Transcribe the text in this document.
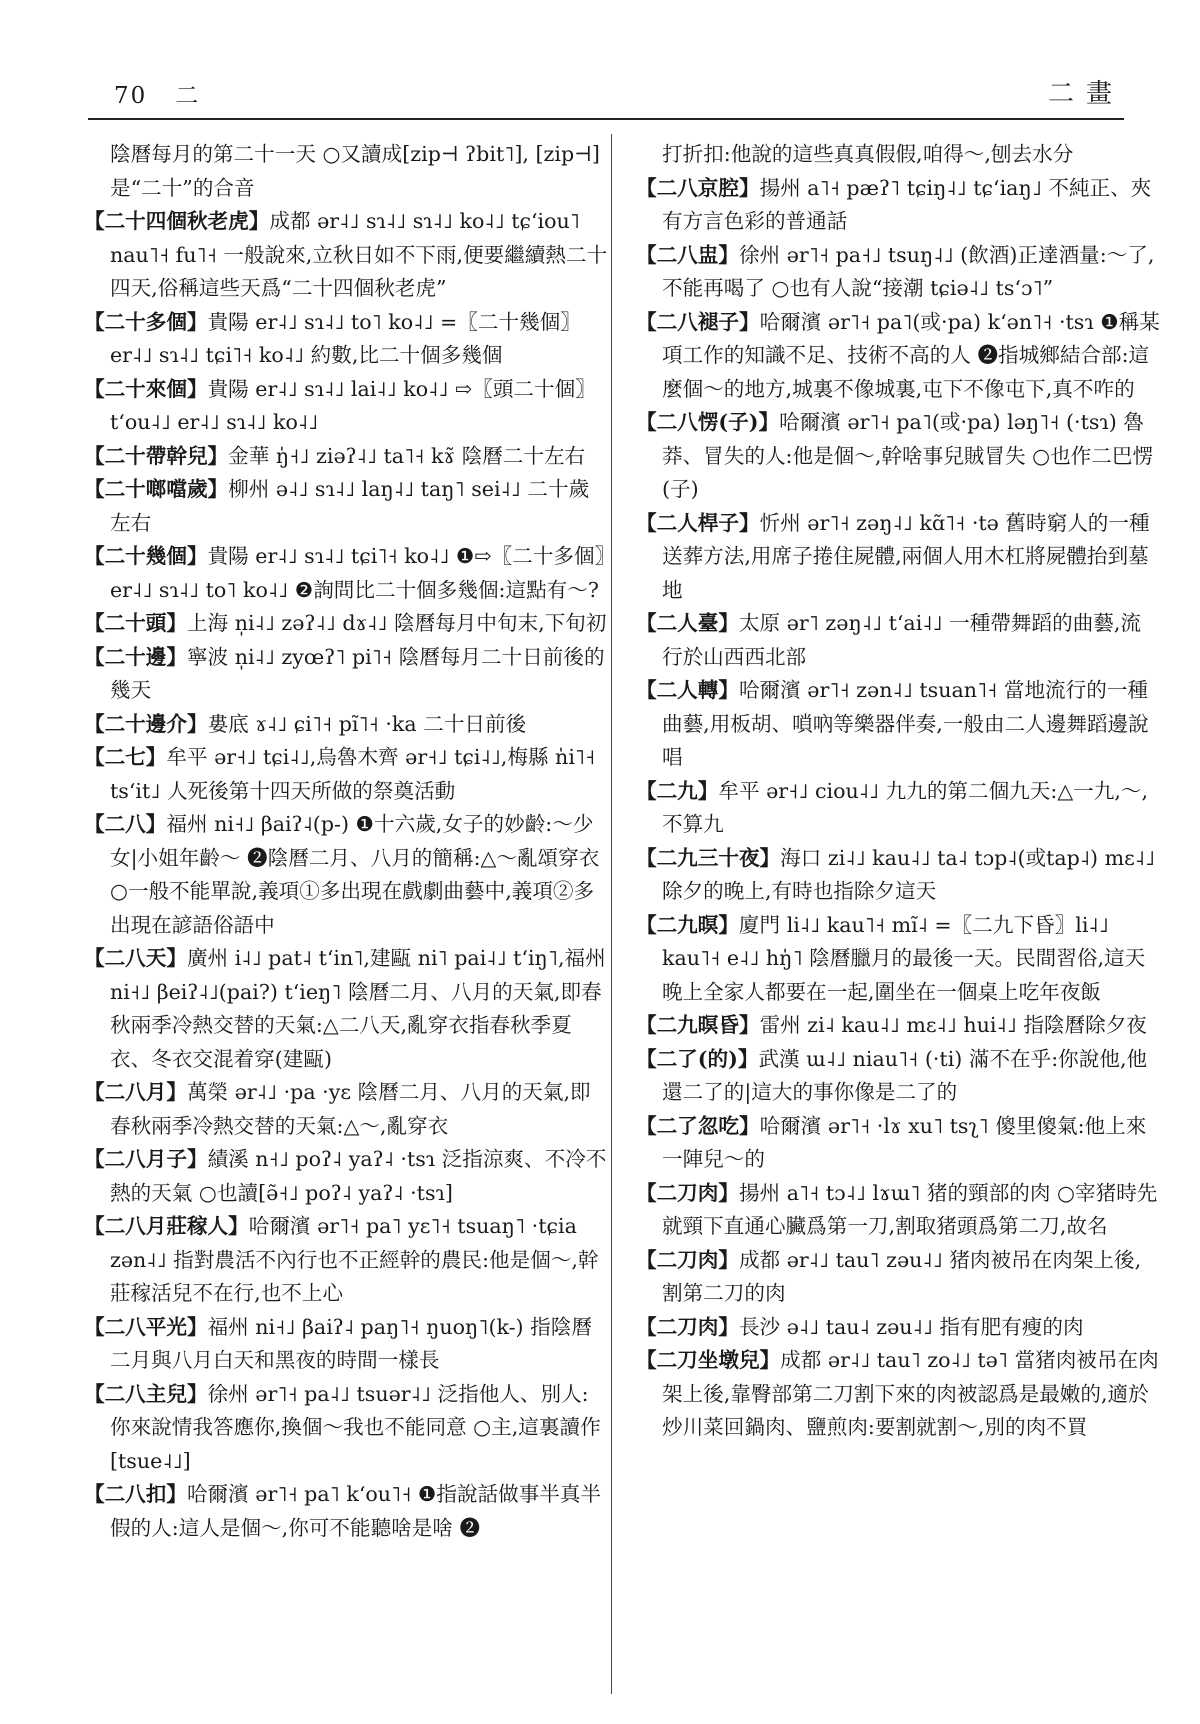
70 二	二畫

陰曆每月的第二十一天 ○又讀成[zip⊣ ʔbit˥], [zip⊣]是“二十”的合音

【二十四個秋老虎】成都 ər˨˩ sɿ˨˩ sɿ˨˩ ko˨˩ tɕʻiou˥ nau˥˧ fu˥˧ 一般說來,立秋日如不下雨,便要繼續熱二十四天,俗稱這些天爲“二十四個秋老虎”

【二十多個】貴陽 er˨˩ sɿ˨˩ to˥ ko˨˩ =〖二十幾個〗er˨˩ sɿ˨˩ tɕi˥˧ ko˨˩ 約數,比二十個多幾個

【二十來個】貴陽 er˨˩ sɿ˨˩ lai˨˩ ko˨˩ ⇨〖頭二十個〗tʻou˨˩ er˨˩ sɿ˨˩ ko˨˩

【二十帶幹兒】金華 ŋ̍˧˩ ziəʔ˨˩ ta˥˧ kɤ̃ 陰曆二十左右

【二十啷噹歲】柳州 ə˨˩ sɿ˨˩ laŋ˨˩ taŋ˥ sei˨˩ 二十歲左右

【二十幾個】貴陽 er˨˩ sɿ˨˩ tɕi˥˧ ko˨˩ ❶⇨〖二十多個〗er˨˩ sɿ˨˩ to˥ ko˨˩ ❷詢問比二十個多幾個:這點有～?

【二十頭】上海 n̩i˨˩ zəʔ˨˩ dɤ˨˩ 陰曆每月中旬末,下旬初

【二十邊】寧波 n̩i˨˩ zyœʔ˥ pi˥˧ 陰曆每月二十日前後的幾天

【二十邊介】婁底 ɤ˨˩ ɕi˥˧ pĩ˥˧ ·ka 二十日前後

【二七】牟平 ər˧˩ tɕi˨˩,烏魯木齊 ər˧˩ tɕi˨˩,梅縣 n̍i˥˧ tsʻit˩ 人死後第十四天所做的祭奠活動

【二八】福州 ni˧˩ βaiʔ˨(p-) ❶十六歲,女子的妙齡:～少女|小姐年齡～ ❷陰曆二月、八月的簡稱:△～亂頌穿衣 ○一般不能單說,義項①多出現在戲劇曲藝中,義項②多出現在諺語俗語中

【二八天】廣州 i˨˩ pat˨ tʻin˥,建甌 ni˥ pai˨˩ tʻiŋ˥,福州 ni˧˩ βeiʔ˨˩(pai?) tʻieŋ˥ 陰曆二月、八月的天氣,即春秋兩季冷熱交替的天氣:△二八天,亂穿衣指春秋季夏衣、冬衣交混着穿(建甌)

【二八月】萬榮 ər˨˩ ·pa ·yɛ 陰曆二月、八月的天氣,即春秋兩季冷熱交替的天氣:△～,亂穿衣

【二八月子】績溪 n˧˩ poʔ˨ yaʔ˨ ·tsɿ 泛指涼爽、不冷不熱的天氣 ○也讀[ə̃˧˩ poʔ˨ yaʔ˨ ·tsɿ]

【二八月莊稼人】哈爾濱 ər˥˧ pa˥ yɛ˥˧ tsuaŋ˥ ·tɕia zən˨˩ 指對農活不內行也不正經幹的農民:他是個～,幹莊稼活兒不在行,也不上心

【二八平光】福州 ni˧˩ βaiʔ˨ paŋ˥˧ ŋuoŋ˥(k-) 指陰曆二月與八月白天和黑夜的時間一樣長

【二八主兒】徐州 ər˥˧ pa˨˩ tsuər˨˩ 泛指他人、別人:你來說情我答應你,換個～我也不能同意 ○主,這裏讀作[tsue˨˩]

【二八扣】哈爾濱 ər˥˧ pa˥ kʻou˥˧ ❶指說話做事半真半假的人:這人是個～,你可不能聽啥是啥 ❷

打折扣:他說的這些真真假假,咱得～,刨去水分

【二八京腔】揚州 a˥˧ pæʔ˥ tɕiŋ˨˩ tɕʻiaŋ˩ 不純正、夾有方言色彩的普通話

【二八盅】徐州 ər˥˧ pa˧˩ tsuŋ˨˩ (飲酒)正達酒量:～了,不能再喝了 ○也有人說“接潮 tɕiə˨˩ tsʻɔ˥”

【二八褪子】哈爾濱 ər˥˧ pa˥(或·pa) kʻən˥˧ ·tsɿ ❶稱某項工作的知識不足、技術不高的人 ❷指城鄉結合部:這麼個～的地方,城裏不像城裏,屯下不像屯下,真不咋的

【二八愣(子)】哈爾濱 ər˥˧ pa˥(或·pa) ləŋ˥˧ (·tsɿ) 魯莽、冒失的人:他是個～,幹啥事兒賊冒失 ○也作二巴愣(子)

【二人桿子】忻州 ər˥˧ zəŋ˨˩ kɑ̃˥˧ ·tə 舊時窮人的一種送葬方法,用席子捲住屍體,兩個人用木杠將屍體抬到墓地

【二人臺】太原 ər˥ zəŋ˨˩ tʻai˨˩ 一種帶舞蹈的曲藝,流行於山西西北部

【二人轉】哈爾濱 ər˥˧ zən˨˩ tsuan˥˧ 當地流行的一種曲藝,用板胡、嗩吶等樂器伴奏,一般由二人邊舞蹈邊說唱

【二九】牟平 ər˧˩ ciou˨˩ 九九的第二個九天:△一九,～,不算九

【二九三十夜】海口 zi˨˩ kau˨˩ ta˨ tɔp˨(或tap˨) mɛ˨˩ 除夕的晚上,有時也指除夕這天

【二九暝】廈門 li˨˩ kau˥˧ mĩ˨ =〖二九下昏〗li˨˩ kau˥˧ e˨˩ hŋ̍˥ 陰曆臘月的最後一天。民間習俗,這天晚上全家人都要在一起,圍坐在一個桌上吃年夜飯

【二九暝昏】雷州 zi˨ kau˨˩ mɛ˨˩ hui˨˩ 指陰曆除夕夜

【二了(的)】武漢 ɯ˨˩ niau˥˧ (·ti) 滿不在乎:你說他,他還二了的|這大的事你像是二了的

【二了忽吃】哈爾濱 ər˥˧ ·lɤ xu˥ tsʅ˥ 傻里傻氣:他上來一陣兒～的

【二刀肉】揚州 a˥˧ tɔ˨˩ lɤɯ˥ 猪的頸部的肉 ○宰猪時先就頸下直通心臟爲第一刀,割取猪頭爲第二刀,故名

【二刀肉】成都 ər˨˩ tau˥ zəu˨˩ 猪肉被吊在肉架上後,割第二刀的肉

【二刀肉】長沙 ə˨˩ tau˨ zəu˨˩ 指有肥有瘦的肉

【二刀坐墩兒】成都 ər˨˩ tau˥ zo˨˩ tə˥ 當猪肉被吊在肉架上後,靠臀部第二刀割下來的肉被認爲是最嫩的,適於炒川菜回鍋肉、鹽煎肉:要割就割～,別的肉不買
